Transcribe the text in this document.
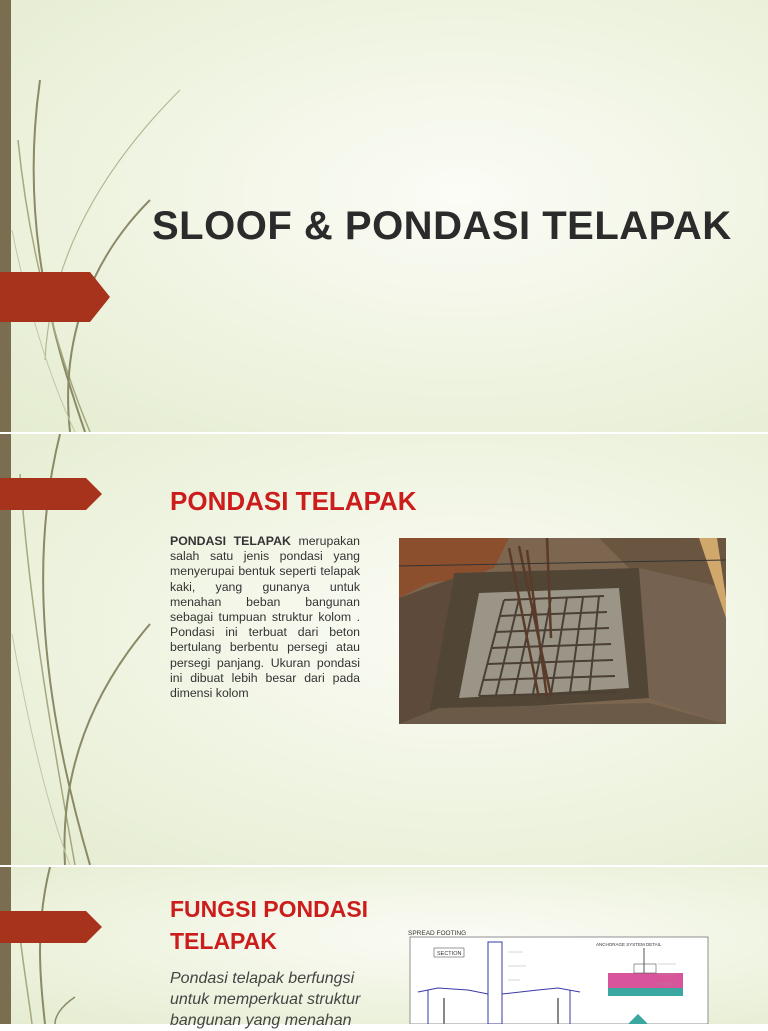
SLOOF & PONDASI TELAPAK
PONDASI TELAPAK
PONDASI TELAPAK merupakan salah satu jenis pondasi yang menyerupai bentuk seperti telapak kaki, yang gunanya untuk menahan beban bangunan sebagai tumpuan struktur kolom . Pondasi ini terbuat dari beton bertulang berbentu persegi atau persegi panjang. Ukuran pondasi ini dibuat lebih besar dari pada dimensi kolom
FUNGSI PONDASI TELAPAK
Pondasi telapak berfungsi untuk memperkuat struktur bangunan yang menahan
SPREAD FOOTING
SECTION
ANCHORAGE SYSTEM DETAIL
